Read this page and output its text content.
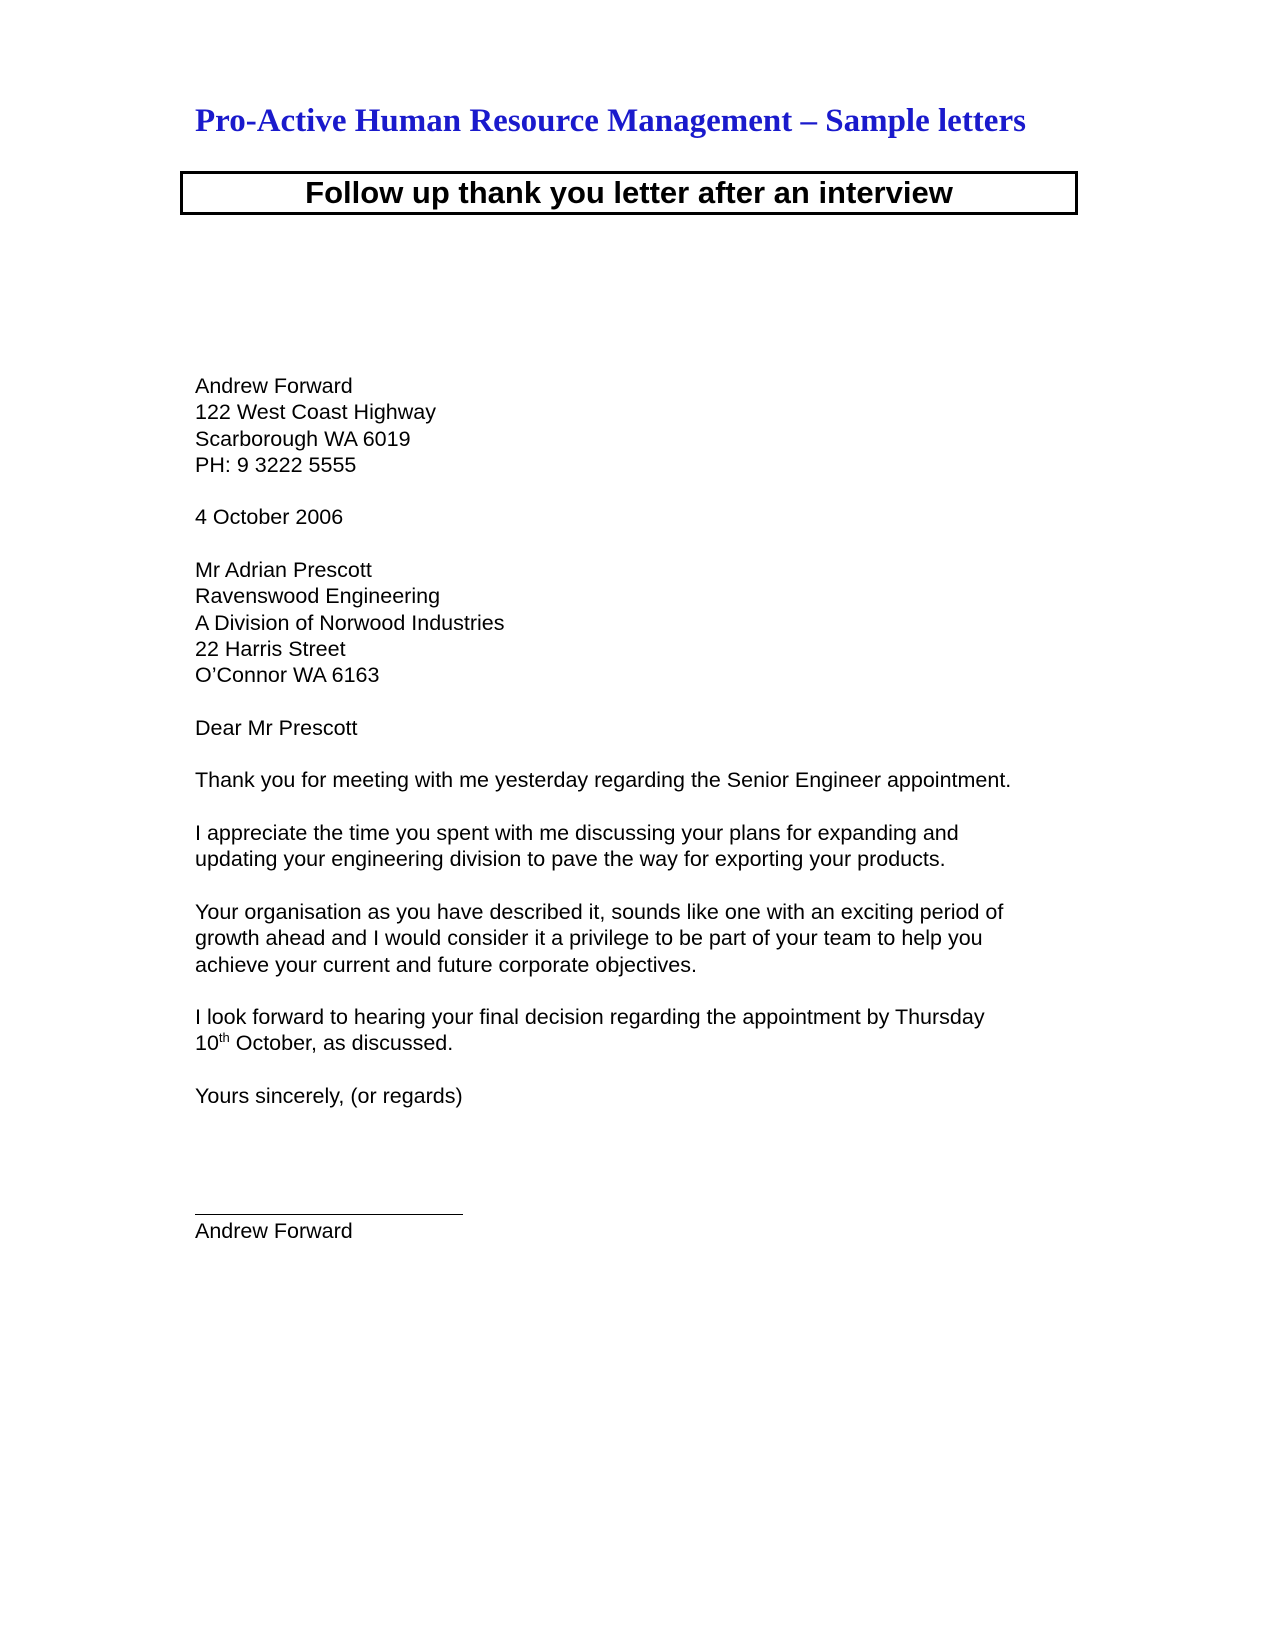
Pro-Active Human Resource Management – Sample letters
Follow up thank you letter after an interview
Andrew Forward
122 West Coast Highway
Scarborough WA 6019
PH: 9 3222 5555
4 October 2006
Mr Adrian Prescott
Ravenswood Engineering
A Division of Norwood Industries
22 Harris Street
O’Connor WA 6163
Dear Mr Prescott
Thank you for meeting with me yesterday regarding the Senior Engineer appointment.
I appreciate the time you spent with me discussing your plans for expanding and
updating your engineering division to pave the way for exporting your products.
Your organisation as you have described it, sounds like one with an exciting period of
growth ahead and I would consider it a privilege to be part of your team to help you
achieve your current and future corporate objectives.
I look forward to hearing your final decision regarding the appointment by Thursday
10th October, as discussed.
Yours sincerely, (or regards)
Andrew Forward
